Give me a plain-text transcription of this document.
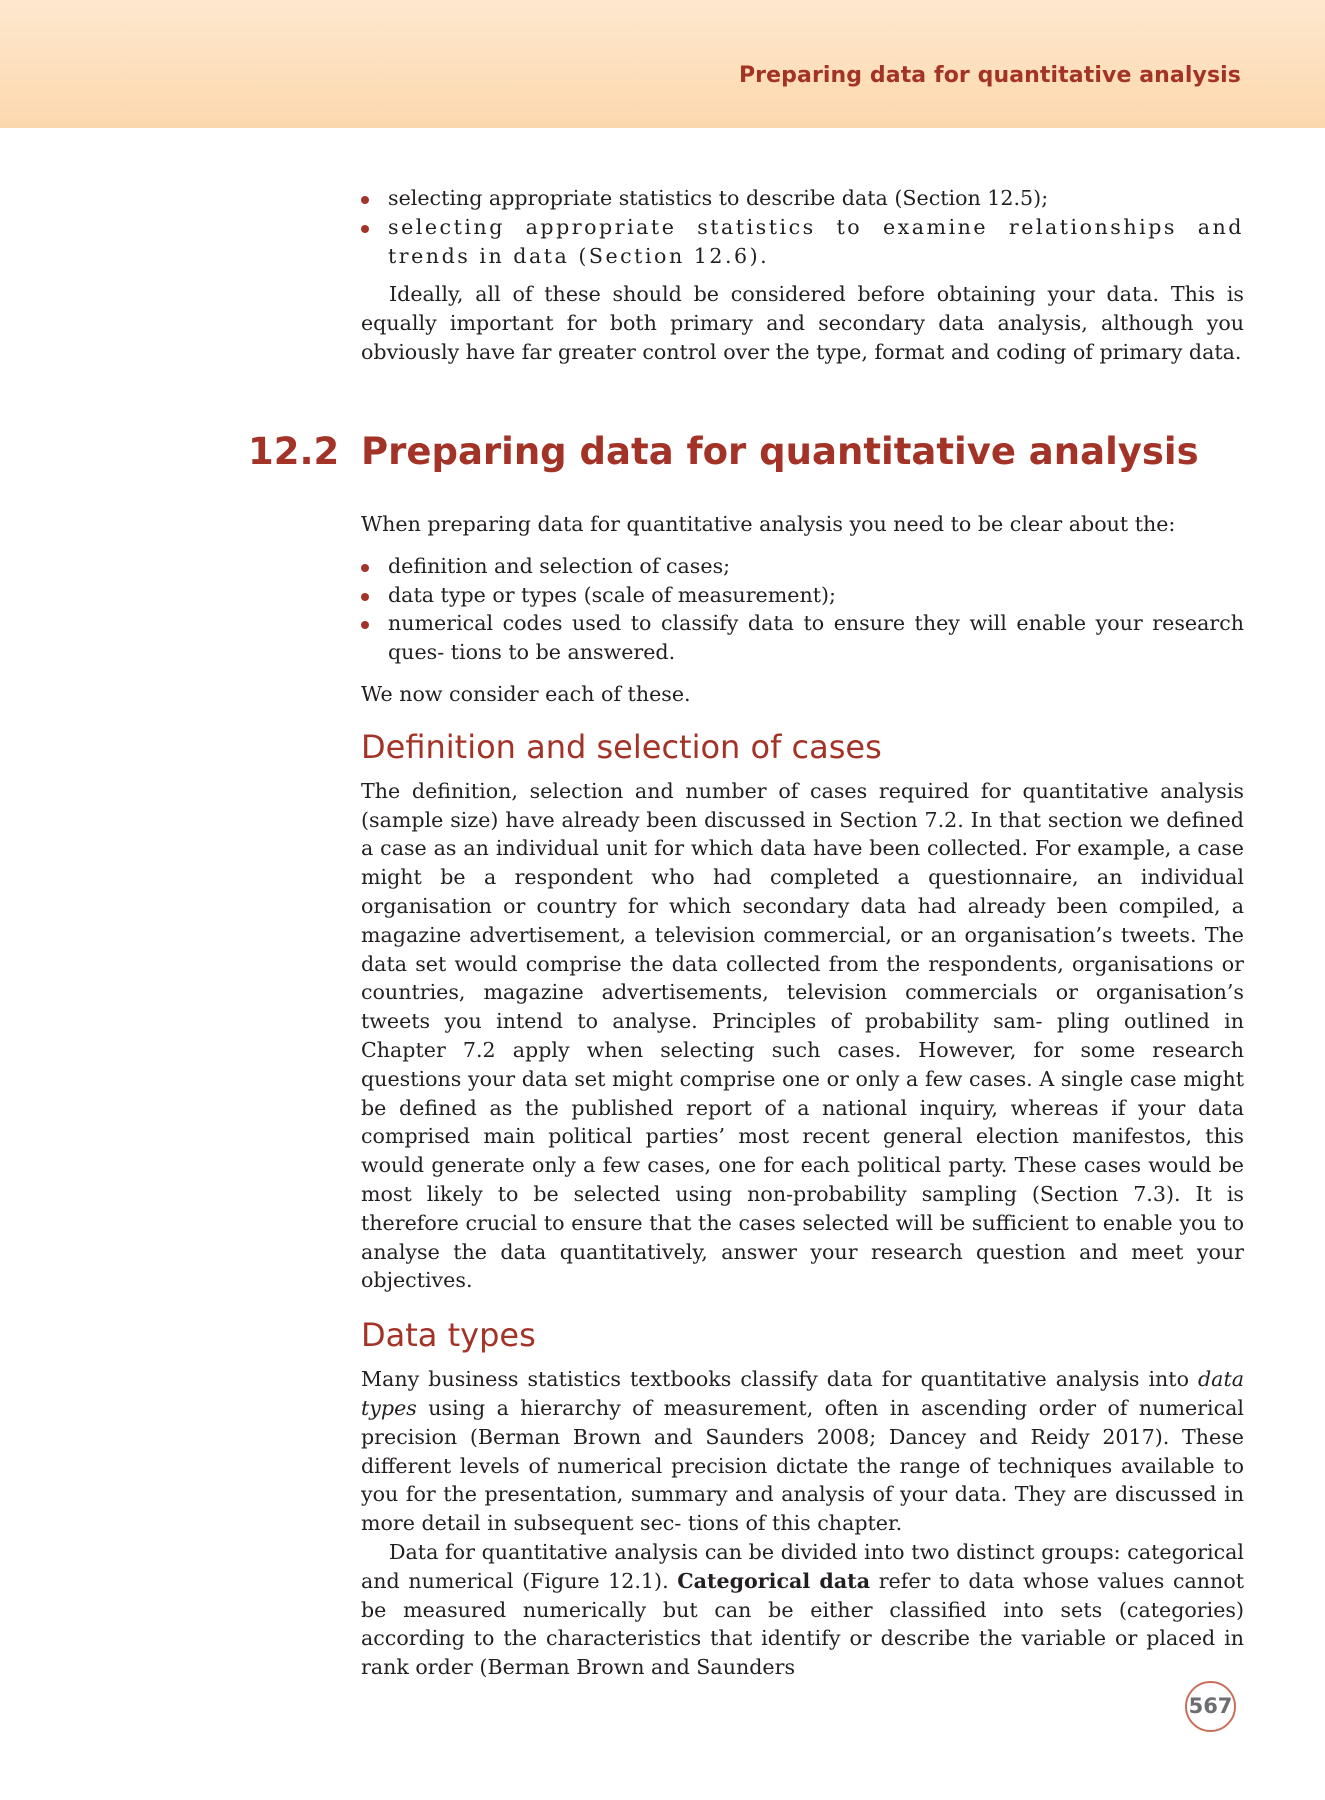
Preparing data for quantitative analysis
selecting appropriate statistics to describe data (Section 12.5);
selecting appropriate statistics to examine relationships and trends in data (Section 12.6).

Ideally, all of these should be considered before obtaining your data. This is equally important for both primary and secondary data analysis, although you obviously have far greater control over the type, format and coding of primary data.

12.2 Preparing data for quantitative analysis

When preparing data for quantitative analysis you need to be clear about the:

definition and selection of cases;
data type or types (scale of measurement);
numerical codes used to classify data to ensure they will enable your research ques- tions to be answered.

We now consider each of these.

Definition and selection of cases

The definition, selection and number of cases required for quantitative analysis (sample size) have already been discussed in Section 7.2. In that section we defined a case as an individual unit for which data have been collected. For example, a case might be a respondent who had completed a questionnaire, an individual organisation or country for which secondary data had already been compiled, a magazine advertisement, a television commercial, or an organisation’s tweets. The data set would comprise the data collected from the respondents, organisations or countries, magazine advertisements, television commercials or organisation’s tweets you intend to analyse. Principles of probability sam- pling outlined in Chapter 7.2 apply when selecting such cases. However, for some research questions your data set might comprise one or only a few cases. A single case might be defined as the published report of a national inquiry, whereas if your data comprised main political parties’ most recent general election manifestos, this would generate only a few cases, one for each political party. These cases would be most likely to be selected using non-probability sampling (Section 7.3). It is therefore crucial to ensure that the cases selected will be sufficient to enable you to analyse the data quantitatively, answer your research question and meet your objectives.

Data types

Many business statistics textbooks classify data for quantitative analysis into data types using a hierarchy of measurement, often in ascending order of numerical precision (Berman Brown and Saunders 2008; Dancey and Reidy 2017). These different levels of numerical precision dictate the range of techniques available to you for the presentation, summary and analysis of your data. They are discussed in more detail in subsequent sec- tions of this chapter.

Data for quantitative analysis can be divided into two distinct groups: categorical and numerical (Figure 12.1). Categorical data refer to data whose values cannot be measured numerically but can be either classified into sets (categories) according to the characteristics that identify or describe the variable or placed in rank order (Berman Brown and Saunders

567
